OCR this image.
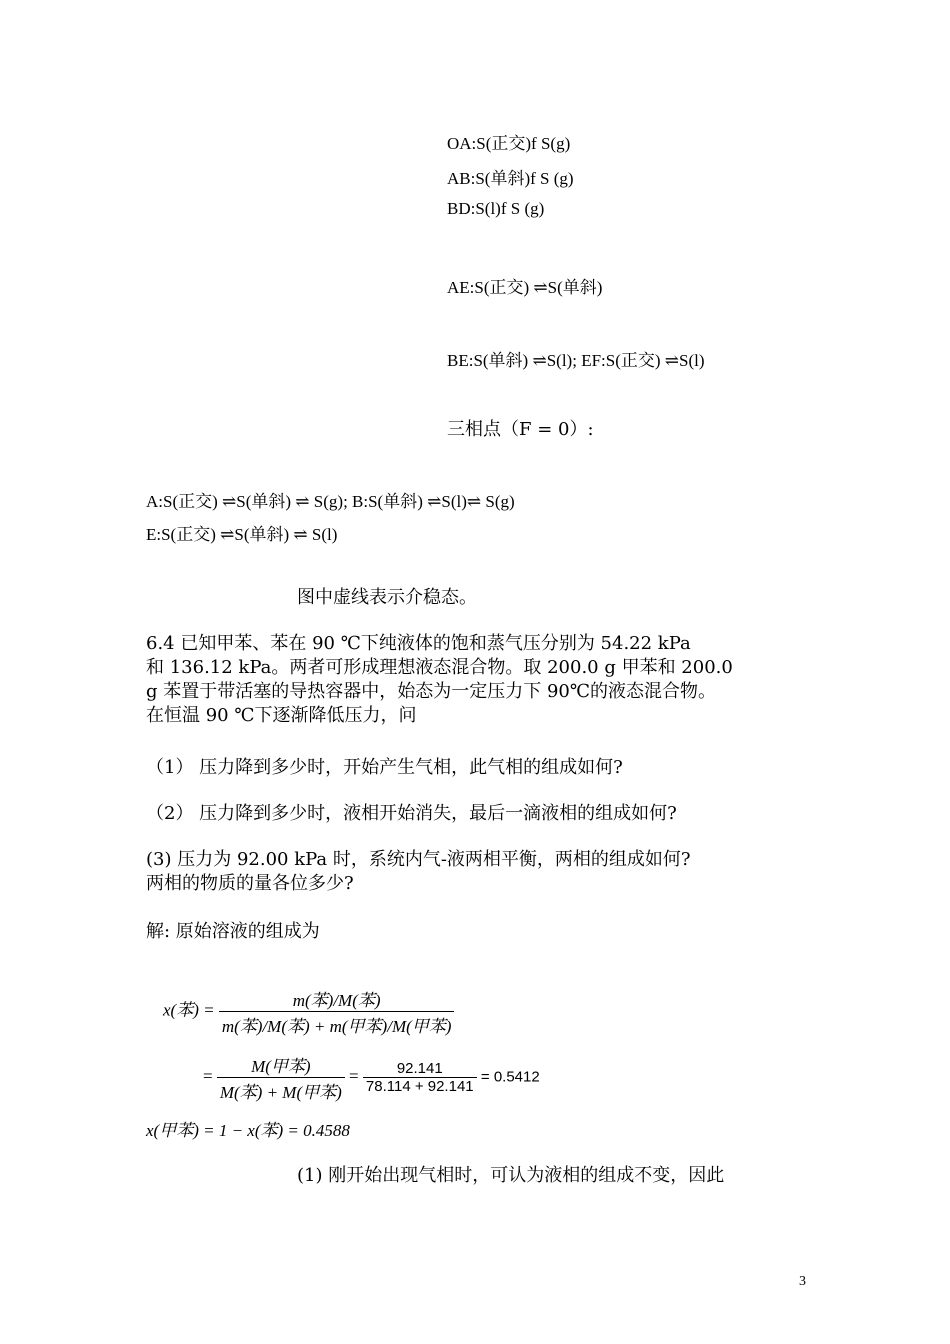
OA:S(正交)f S(g)
AB:S(单斜)f S (g)
BD:S(l)f S (g)
AE:S(正交) ⇌S(单斜)
BE:S(单斜) ⇌S(l); EF:S(正交) ⇌S(l)
三相点（F = 0）:
A:S(正交) ⇌S(单斜) ⇌ S(g); B:S(单斜) ⇌S(l)⇌ S(g)
E:S(正交) ⇌S(单斜) ⇌ S(l)
图中虚线表示介稳态。
6.4 已知甲苯、苯在 90 ℃下纯液体的饱和蒸气压分别为 54.22 kPa
和 136.12 kPa。两者可形成理想液态混合物。取 200.0 g 甲苯和 200.0
g 苯置于带活塞的导热容器中，始态为一定压力下 90℃的液态混合物。
在恒温 90 ℃下逐渐降低压力，问
（1） 压力降到多少时，开始产生气相，此气相的组成如何?
（2） 压力降到多少时，液相开始消失，最后一滴液相的组成如何?
(3) 压力为 92.00 kPa 时，系统内气-液两相平衡，两相的组成如何?
两相的物质的量各位多少?
解: 原始溶液的组成为
x(苯) = $\frac{\text{m(苯)/M(苯)}}{\text{m(苯)/M(苯) + m(甲苯)/M(甲苯)}}$
= $\frac{\text{M(甲苯)}}{\text{M(苯) + M(甲苯)}} = \frac{92.141}{78.114 + 92.141} = 0.5412$
x(甲苯) = 1 − x(苯) = 0.4588
(1) 刚开始出现气相时，可认为液相的组成不变，因此
3
